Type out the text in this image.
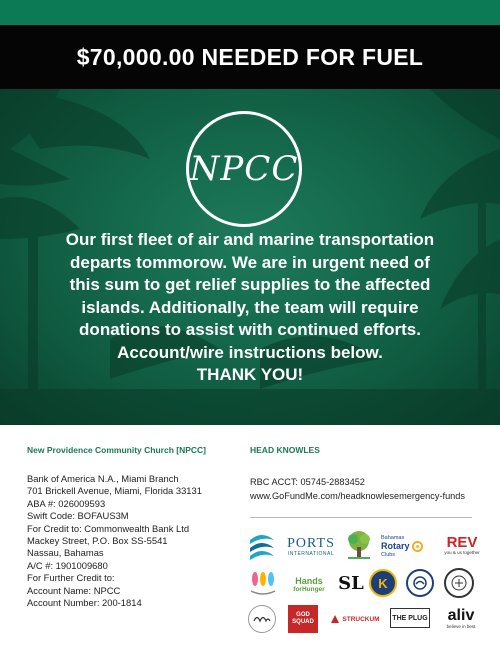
$70,000.00 NEEDED FOR FUEL
NPCC
Our first fleet of air and marine transportation
departs tommorow. We are in urgent need of
this sum to get relief supplies to the affected
islands. Additionally, the team will require
donations to assist with continued efforts.
Account/wire instructions below.
THANK YOU!
New Providence Community Church [NPCC]
Bank of America N.A., Miami Branch
701 Brickell Avenue, Miami, Florida 33131
ABA #: 026009593
Swift Code: BOFAUS3M
For Credit to: Commonwealth Bank Ltd
Mackey Street, P.O. Box SS-5541
Nassau, Bahamas
A/C #: 1901009680
For Further Credit to:
Account Name: NPCC
Account Number: 200-1814
HEAD KNOWLES
RBC ACCT: 05745-2883452
www.GoFundMe.com/headknowlesemergency-funds
PORTS
INTERNATIONAL
Bahamas
Rotary
Clubs
REV
you & us together
Hands
forHunger SL K
GOD SQUAD	STRUCKUM THE PLUG aliv
believe in best
